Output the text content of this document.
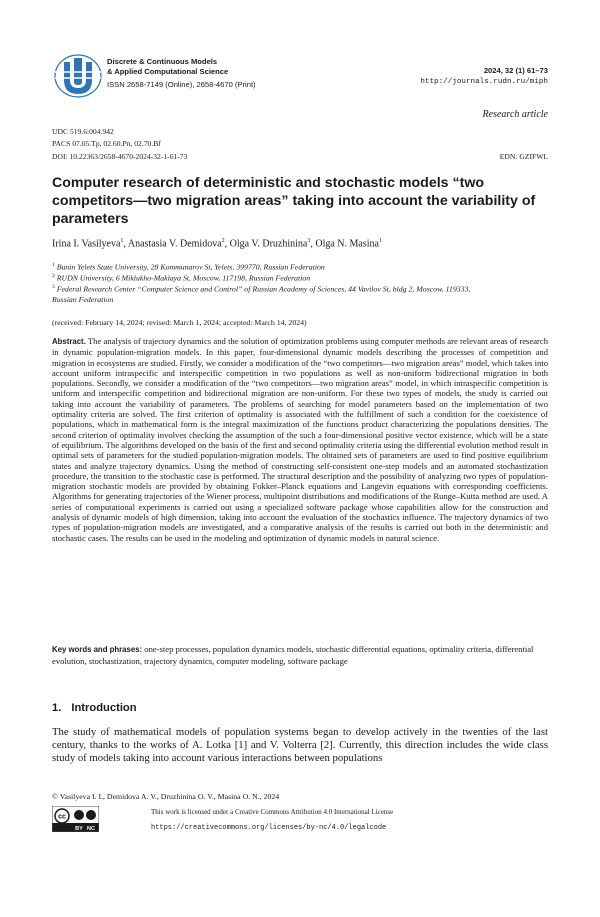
Discrete & Continuous Models
& Applied Computational Science
ISSN 2658-7149 (Online), 2658-4670 (Print)
2024, 32 (1) 61–73
http://journals.rudn.ru/miph
Research article
UDC 519.6:004.942
PACS 07.05.Tp, 02.60.Pn, 02.70.Bf
DOI: 10.22363/2658-4670-2024-32-1-61-73	EDN: GZIFWL
Computer research of deterministic and stochastic models “two competitors—two migration areas” taking into account the variability of parameters
Irina I. Vasilyeva$^1$, Anastasia V. Demidova$^2$, Olga V. Druzhinina$^3$, Olga N. Masina$^1$
$^1$ Bunin Yelets State University, 28 Kommunarov St, Yelets, 399770, Russian Federation
$^2$ RUDN University, 6 Miklukho-Maklaya St, Moscow, 117198, Russian Federation
$^3$ Federal Research Center “Computer Science and Control” of Russian Academy of Sciences, 44 Vavilov St, bldg 2, Moscow, 119333, Russian Federation
(received: February 14, 2024; revised: March 1, 2024; accepted: March 14, 2024)
Abstract. The analysis of trajectory dynamics and the solution of optimization problems using computer methods are relevant areas of research in dynamic population-migration models. In this paper, four-dimensional dynamic models describing the processes of competition and migration in ecosystems are studied. Firstly, we consider a modification of the “two competitors—two migration areas” model, which takes into account uniform intraspecific and interspecific competition in two populations as well as non-uniform bidirectional migration in both populations. Secondly, we consider a modification of the “two competitors—two migration areas” model, in which intraspecific competition is uniform and interspecific competition and bidirectional migration are non-uniform. For these two types of models, the study is carried out taking into account the variability of parameters. The problems of searching for model parameters based on the implementation of two optimality criteria are solved. The first criterion of optimality is associated with the fulfillment of such a condition for the coexistence of populations, which in mathematical form is the integral maximization of the functions product characterizing the populations densities. The second criterion of optimality involves checking the assumption of the such a four-dimensional positive vector existence, which will be a state of equilibrium. The algorithms developed on the basis of the first and second optimality criteria using the differential evolution method result in optimal sets of parameters for the studied population-migration models. The obtained sets of parameters are used to find positive equilibrium states and analyze trajectory dynamics. Using the method of constructing self-consistent one-step models and an automated stochastization procedure, the transition to the stochastic case is performed. The structural description and the possibility of analyzing two types of population-migration stochastic models are provided by obtaining Fokker–Planck equations and Langevin equations with corresponding coefficients. Algorithms for generating trajectories of the Wiener process, multipoint distributions and modifications of the Runge–Kutta method are used. A series of computational experiments is carried out using a specialized software package whose capabilities allow for the construction and analysis of dynamic models of high dimension, taking into account the evaluation of the stochastics influence. The trajectory dynamics of two types of population-migration models are investigated, and a comparative analysis of the results is carried out both in the deterministic and stochastic cases. The results can be used in the modeling and optimization of dynamic models in natural science.
Key words and phrases: one-step processes, population dynamics models, stochastic differential equations, optimality criteria, differential evolution, stochastization, trajectory dynamics, computer modeling, software package
1. Introduction
The study of mathematical models of population systems began to develop actively in the twenties of the last century, thanks to the works of A. Lotka [1] and V. Volterra [2]. Currently, this direction includes the wide class study of models taking into account various interactions between populations
© Vasilyeva I. I., Demidova A. V., Druzhinina O. V., Masina O. N., 2024
cc
BY NC
This work is licensed under a Creative Commons Attribution 4.0 International License
https://creativecommons.org/licenses/by-nc/4.0/legalcode
